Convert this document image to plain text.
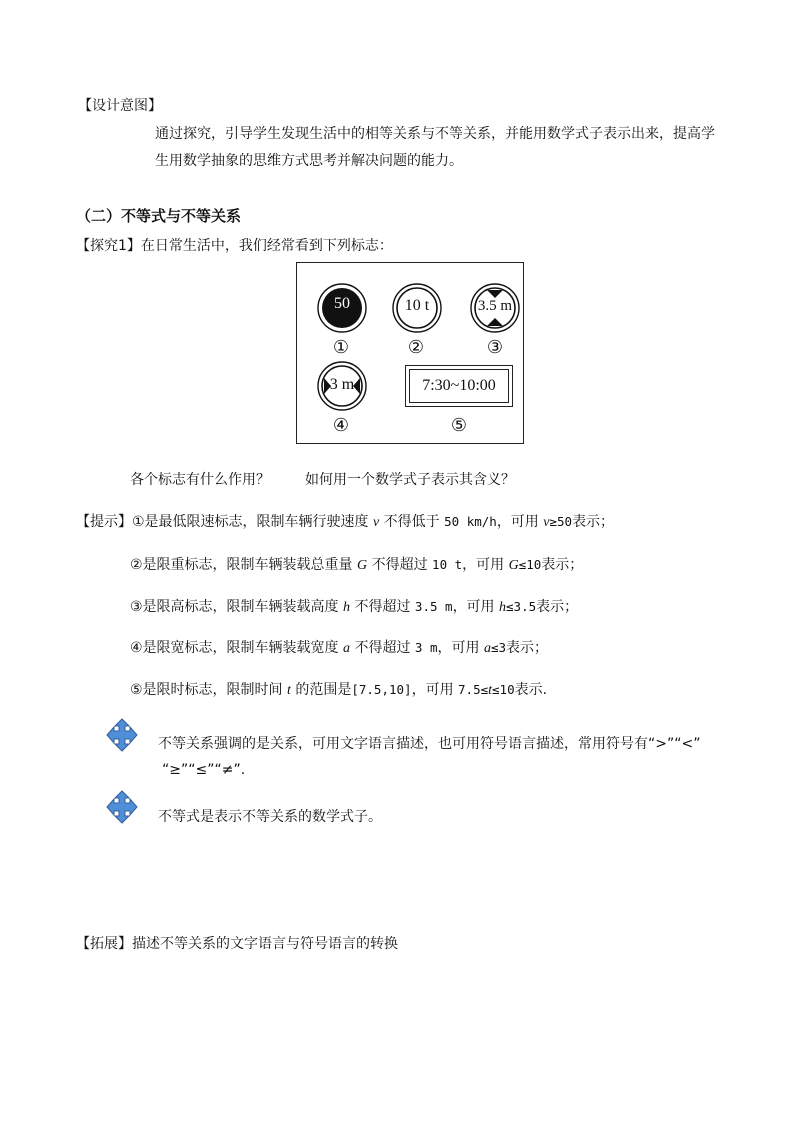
【设计意图】
通过探究，引导学生发现生活中的相等关系与不等关系，并能用数学式子表示出来，提高学
生用数学抽象的思维方式思考并解决问题的能力。
（二）不等式与不等关系
【探究1】在日常生活中，我们经常看到下列标志：
50	10 t	3.5 m
3 m	7:30~10:00
①	②	③
④	⑤
各个标志有什么作用？	如何用一个数学式子表示其含义？
【提示】①是最低限速标志，限制车辆行驶速度 v 不得低于 50 km/h，可用 v≥50表示；
②是限重标志，限制车辆装载总重量 G 不得超过 10 t，可用 G≤10表示；
③是限高标志，限制车辆装载高度 h 不得超过 3.5 m，可用 h≤3.5表示；
④是限宽标志，限制车辆装载宽度 a 不得超过 3 m，可用 a≤3表示；
⑤是限时标志，限制时间 t 的范围是[7.5,10]，可用 7.5≤t≤10表示.
不等关系强调的是关系，可用文字语言描述，也可用符号语言描述，常用符号有“>”“<”
“≥”“≤”“≠”.
不等式是表示不等关系的数学式子。
【拓展】描述不等关系的文字语言与符号语言的转换
